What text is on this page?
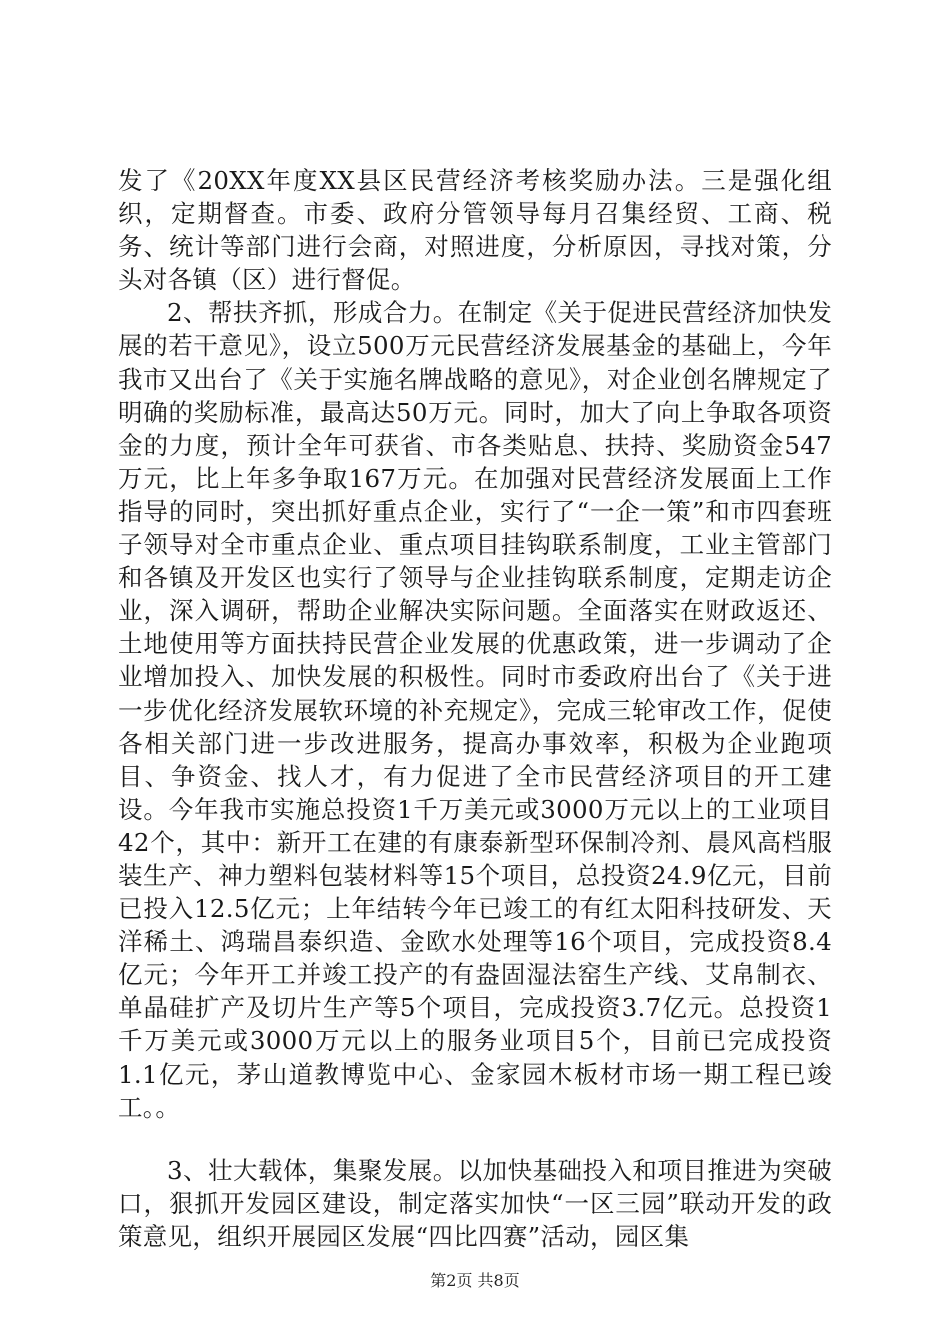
发了《20XX年度XX县区民营经济考核奖励办法。三是强化组织，定期督查。市委、政府分管领导每月召集经贸、工商、税务、统计等部门进行会商，对照进度，分析原因，寻找对策，分头对各镇（区）进行督促。

2、帮扶齐抓，形成合力。在制定《关于促进民营经济加快发展的若干意见》，设立500万元民营经济发展基金的基础上，今年我市又出台了《关于实施名牌战略的意见》，对企业创名牌规定了明确的奖励标准，最高达50万元。同时，加大了向上争取各项资金的力度，预计全年可获省、市各类贴息、扶持、奖励资金547万元，比上年多争取167万元。在加强对民营经济发展面上工作指导的同时，突出抓好重点企业，实行了“一企一策”和市四套班子领导对全市重点企业、重点项目挂钩联系制度，工业主管部门和各镇及开发区也实行了领导与企业挂钩联系制度，定期走访企业，深入调研，帮助企业解决实际问题。全面落实在财政返还、土地使用等方面扶持民营企业发展的优惠政策，进一步调动了企业增加投入、加快发展的积极性。同时市委政府出台了《关于进一步优化经济发展软环境的补充规定》，完成三轮审改工作，促使各相关部门进一步改进服务，提高办事效率，积极为企业跑项目、争资金、找人才，有力促进了全市民营经济项目的开工建设。今年我市实施总投资1千万美元或3000万元以上的工业项目42个，其中：新开工在建的有康泰新型环保制冷剂、晨风高档服装生产、神力塑料包装材料等15个项目，总投资24.9亿元，目前已投入12.5亿元；上年结转今年已竣工的有红太阳科技研发、天洋稀土、鸿瑞昌泰织造、金欧水处理等16个项目，完成投资8.4亿元；今年开工并竣工投产的有盎固湿法窑生产线、艾帛制衣、单晶硅扩产及切片生产等5个项目，完成投资3.7亿元。总投资1千万美元或3000万元以上的服务业项目5个，目前已完成投资1.1亿元，茅山道教博览中心、金家园木板材市场一期工程已竣工。。

3、壮大载体，集聚发展。以加快基础投入和项目推进为突破口，狠抓开发园区建设，制定落实加快“一区三园”联动开发的政策意见，组织开展园区发展“四比四赛”活动，园区集

第2页 共8页
